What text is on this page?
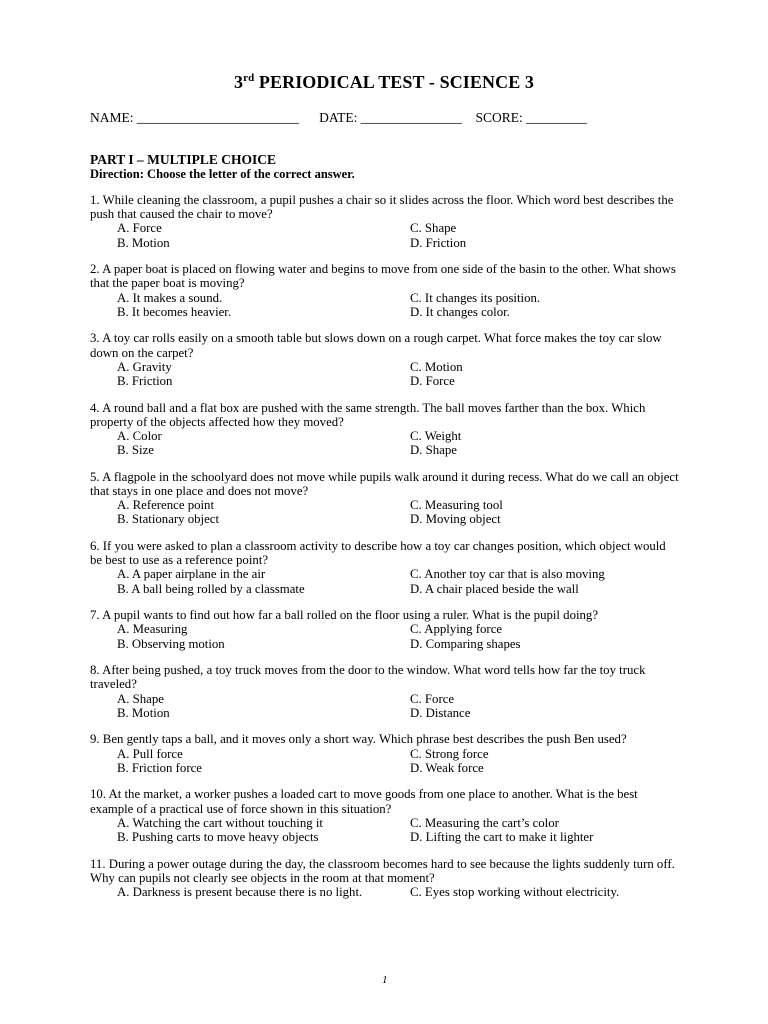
3rd PERIODICAL TEST - SCIENCE 3
NAME: ________________________ DATE: _______________ SCORE: _________
PART I – MULTIPLE CHOICE
Direction: Choose the letter of the correct answer.

1. While cleaning the classroom, a pupil pushes a chair so it slides across the floor. Which word best describes the push that caused the chair to move?

A. Force	C. Shape
B. Motion	D. Friction

2. A paper boat is placed on flowing water and begins to move from one side of the basin to the other. What shows that the paper boat is moving?

A. It makes a sound.	C. It changes its position.
B. It becomes heavier.	D. It changes color.

3. A toy car rolls easily on a smooth table but slows down on a rough carpet. What force makes the toy car slow down on the carpet?

A. Gravity	C. Motion
B. Friction	D. Force

4. A round ball and a flat box are pushed with the same strength. The ball moves farther than the box. Which property of the objects affected how they moved?

A. Color	C. Weight
B. Size	D. Shape

5. A flagpole in the schoolyard does not move while pupils walk around it during recess. What do we call an object that stays in one place and does not move?

A. Reference point	C. Measuring tool
B. Stationary object	D. Moving object

6. If you were asked to plan a classroom activity to describe how a toy car changes position, which object would be best to use as a reference point?

A. A paper airplane in the air	C. Another toy car that is also moving
B. A ball being rolled by a classmate	D. A chair placed beside the wall

7. A pupil wants to find out how far a ball rolled on the floor using a ruler. What is the pupil doing?

A. Measuring	C. Applying force
B. Observing motion	D. Comparing shapes

8. After being pushed, a toy truck moves from the door to the window. What word tells how far the toy truck traveled?

A. Shape	C. Force
B. Motion	D. Distance

9. Ben gently taps a ball, and it moves only a short way. Which phrase best describes the push Ben used?

A. Pull force	C. Strong force
B. Friction force	D. Weak force

10. At the market, a worker pushes a loaded cart to move goods from one place to another. What is the best example of a practical use of force shown in this situation?

A. Watching the cart without touching it	C. Measuring the cart’s color
B. Pushing carts to move heavy objects	D. Lifting the cart to make it lighter

11. During a power outage during the day, the classroom becomes hard to see because the lights suddenly turn off. Why can pupils not clearly see objects in the room at that moment?

A. Darkness is present because there is no light.	C. Eyes stop working without electricity.
1
